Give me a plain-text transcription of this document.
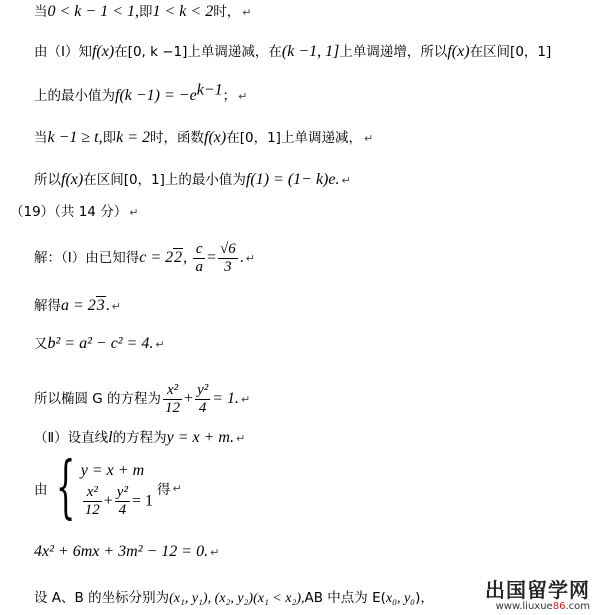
当0 < k − 1 < 1,即1 < k < 2时， ↵
由（Ⅰ）知f(x)在[0, k −1]上单调递减，在(k −1, 1]上单调递增，所以f(x)在区间[0，1]
上的最小值为$f(k -1) = -e^{k-1}$； ↵
当k −1 ≥ t,即k = 2时，函数f(x)在[0，1]上单调递减， ↵
所以f(x)在区间[0，1]上的最小值为f(1) = (1− k)e. ↵
（19）（共 14 分） ↵
解：（Ⅰ）由已知得c = 22, $\frac{c}{a} = \frac{√6}{3}$ . ↵
解得a = 23. ↵
又b² = a² − c² = 4. ↵
所以椭圆 G 的方程为 $\frac{\text{x²}}{12} + \frac{\text{y²}}{4} = 1$. ↵
（Ⅱ）设直线l的方程为y = x + m. ↵
由 { y = x + m
$\frac{\text{x²}}{12} + \frac{\text{y²}}{4} = 1$
得 ↵
4x² + 6mx + 3m² − 12 = 0. ↵
设 A、B 的坐标分别为(x₁, y₁), (x₂, y₂)(x₁ < x₂),AB 中点为 E(x₀, y₀)，	出国留学网
www.liuxue86.com
